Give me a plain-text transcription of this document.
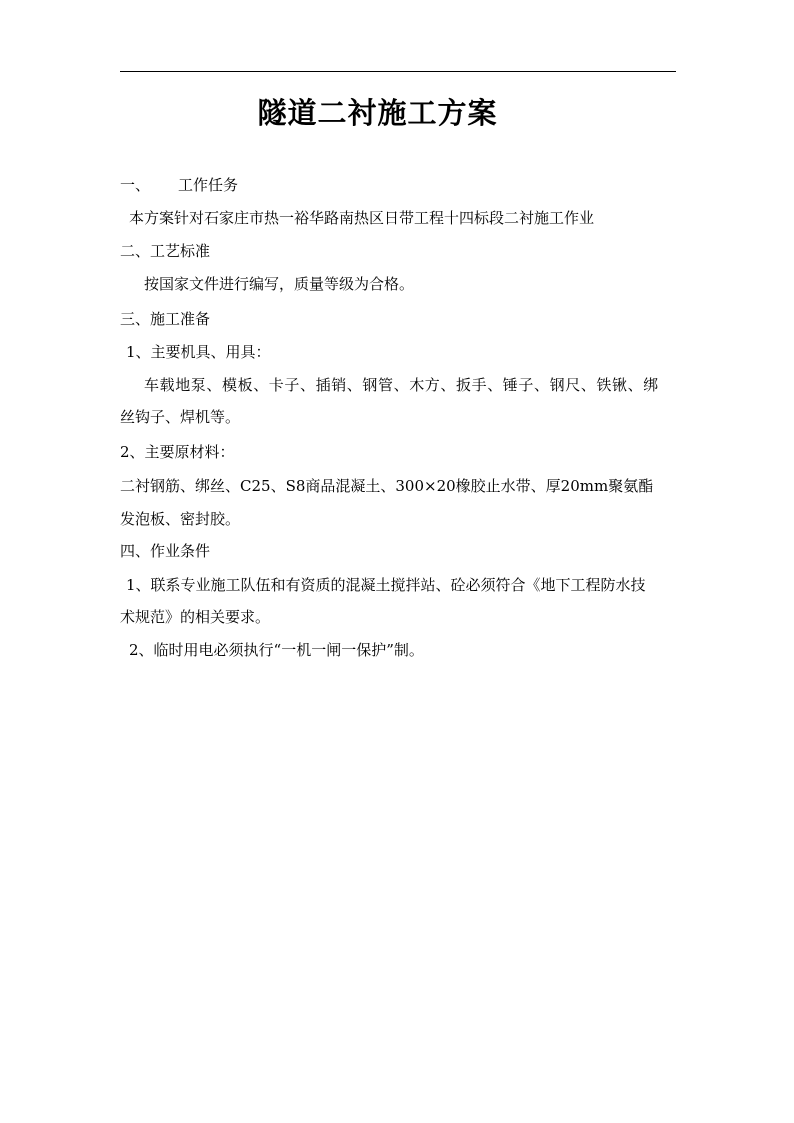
隧道二衬施工方案
一、 工作任务
本方案针对石家庄市热一裕华路南热区日带工程十四标段二衬施工作业
二、工艺标准
按国家文件进行编写，质量等级为合格。
三、施工准备
1、主要机具、用具：
车载地泵、模板、卡子、插销、钢管、木方、扳手、锤子、钢尺、铁锹、绑
丝钩子、焊机等。
2、主要原材料：
二衬钢筋、绑丝、C25、S8商品混凝土、300×20橡胶止水带、厚20mm聚氨酯
发泡板、密封胶。
四、作业条件
1、联系专业施工队伍和有资质的混凝土搅拌站、砼必须符合《地下工程防水技
术规范》的相关要求。
2、临时用电必须执行“一机一闸一保护”制。
